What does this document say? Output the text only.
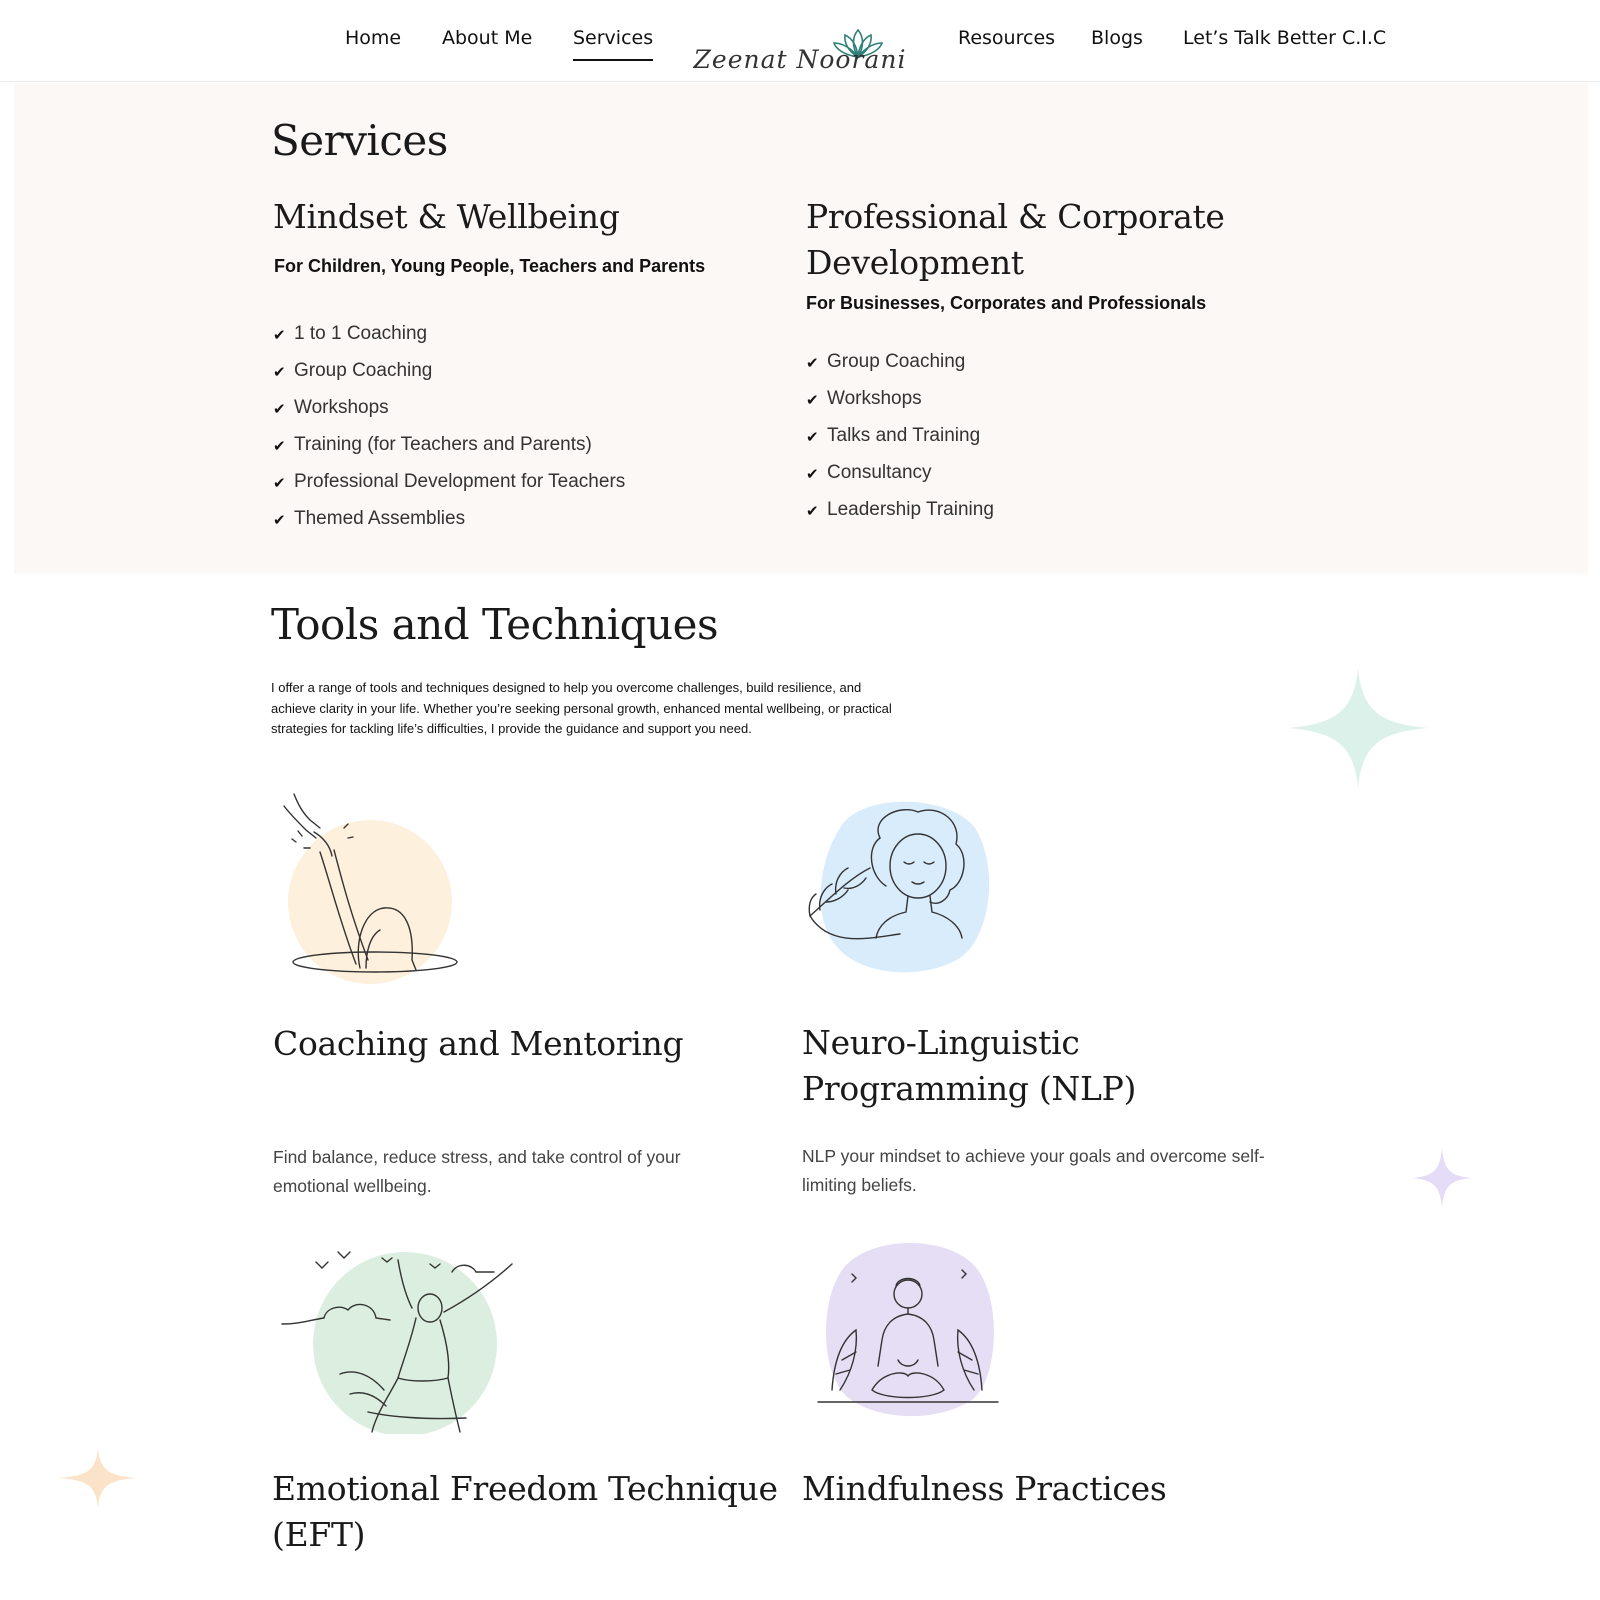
Home About Me Services
Zeenat Noorani
Resources Blogs Let’s Talk Better C.I.C
Services
Mindset & Wellbeing
For Children, Young People, Teachers and Parents
✔ 1 to 1 Coaching
✔ Group Coaching
✔ Workshops
✔ Training (for Teachers and Parents)
✔ Professional Development for Teachers
✔ Themed Assemblies
Professional & Corporate
Development
For Businesses, Corporates and Professionals
✔ Group Coaching
✔ Workshops
✔ Talks and Training
✔ Consultancy
✔ Leadership Training
Tools and Techniques

I offer a range of tools and techniques designed to help you overcome challenges, build resilience, and
achieve clarity in your life. Whether you’re seeking personal growth, enhanced mental wellbeing, or practical
strategies for tackling life’s difficulties, I provide the guidance and support you need.

Coaching and Mentoring

Find balance, reduce stress, and take control of your
emotional wellbeing.

Neuro-Linguistic
Programming (NLP)

NLP your mindset to achieve your goals and overcome self-
limiting beliefs.

Emotional Freedom Technique
(EFT)
Mindfulness Practices
